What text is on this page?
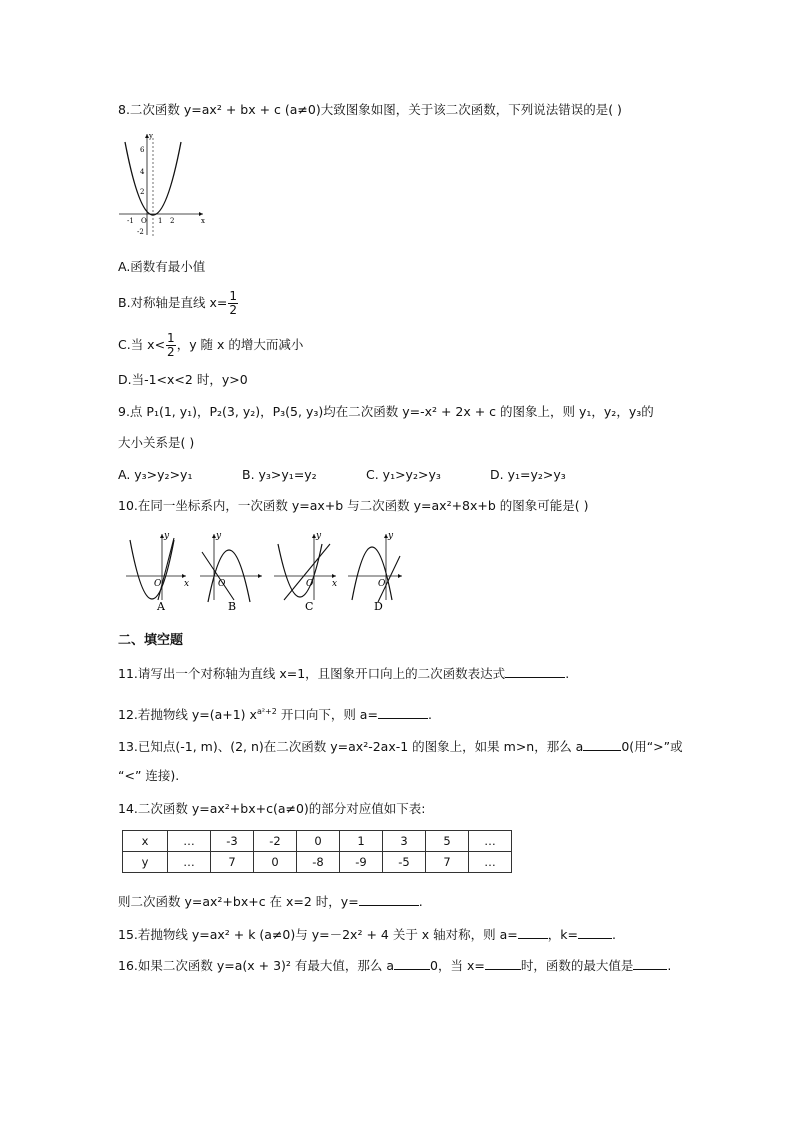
8.二次函数 y=ax² + bx + c (a≠0)大致图象如图，关于该二次函数，下列说法错误的是( )
y
x
6
4
2
-2
-1 O 1 2
A.函数有最小值
B.对称轴是直线 $x= \frac{1}{2}$
C.当 $x< \frac{1}{2}$ ，y 随 x 的增大而减小
D.当-1<x<2 时，y>0
9.点 P₁(1, y₁)，P₂(3, y₂)，P₃(5, y₃)均在二次函数 y=-x² + 2x + c 的图象上，则 y₁，y₂，y₃的
大小关系是( )
A. y₃>y₂>y₁	B. y₃>y₁=y₂	C. y₁>y₂>y₃	D. y₁=y₂>y₃
10.在同一坐标系内，一次函数 y=ax+b 与二次函数 y=ax²+8x+b 的图象可能是( )
x
y
O
A
y
O
B
x
y
O
C
y
O
D
二、填空题
11.请写出一个对称轴为直线 x=1，且图象开口向上的二次函数表达式	.
12.若抛物线 y=(a+1) $x^{a^2+2}$ 开口向下，则 a=	.
13.已知点(-1, m)、(2, n)在二次函数 y=ax²-2ax-1 的图象上，如果 m>n，那么 a	0(用“>”或
“<” 连接).
14.二次函数 y=ax²+bx+c(a≠0)的部分对应值如下表:
x	…	-3	-2	0	1	3	5	…
y	…	7	0	-8	-9	-5	7	…
则二次函数 y=ax²+bx+c 在 x=2 时，y=	.
15.若抛物线 y=ax² + k (a≠0)与 y=－2x² + 4 关于 x 轴对称，则 a= ，k=	.
16.如果二次函数 y=a(x + 3)² 有最大值，那么 a	0，当 x=	时，函数的最大值是	.
